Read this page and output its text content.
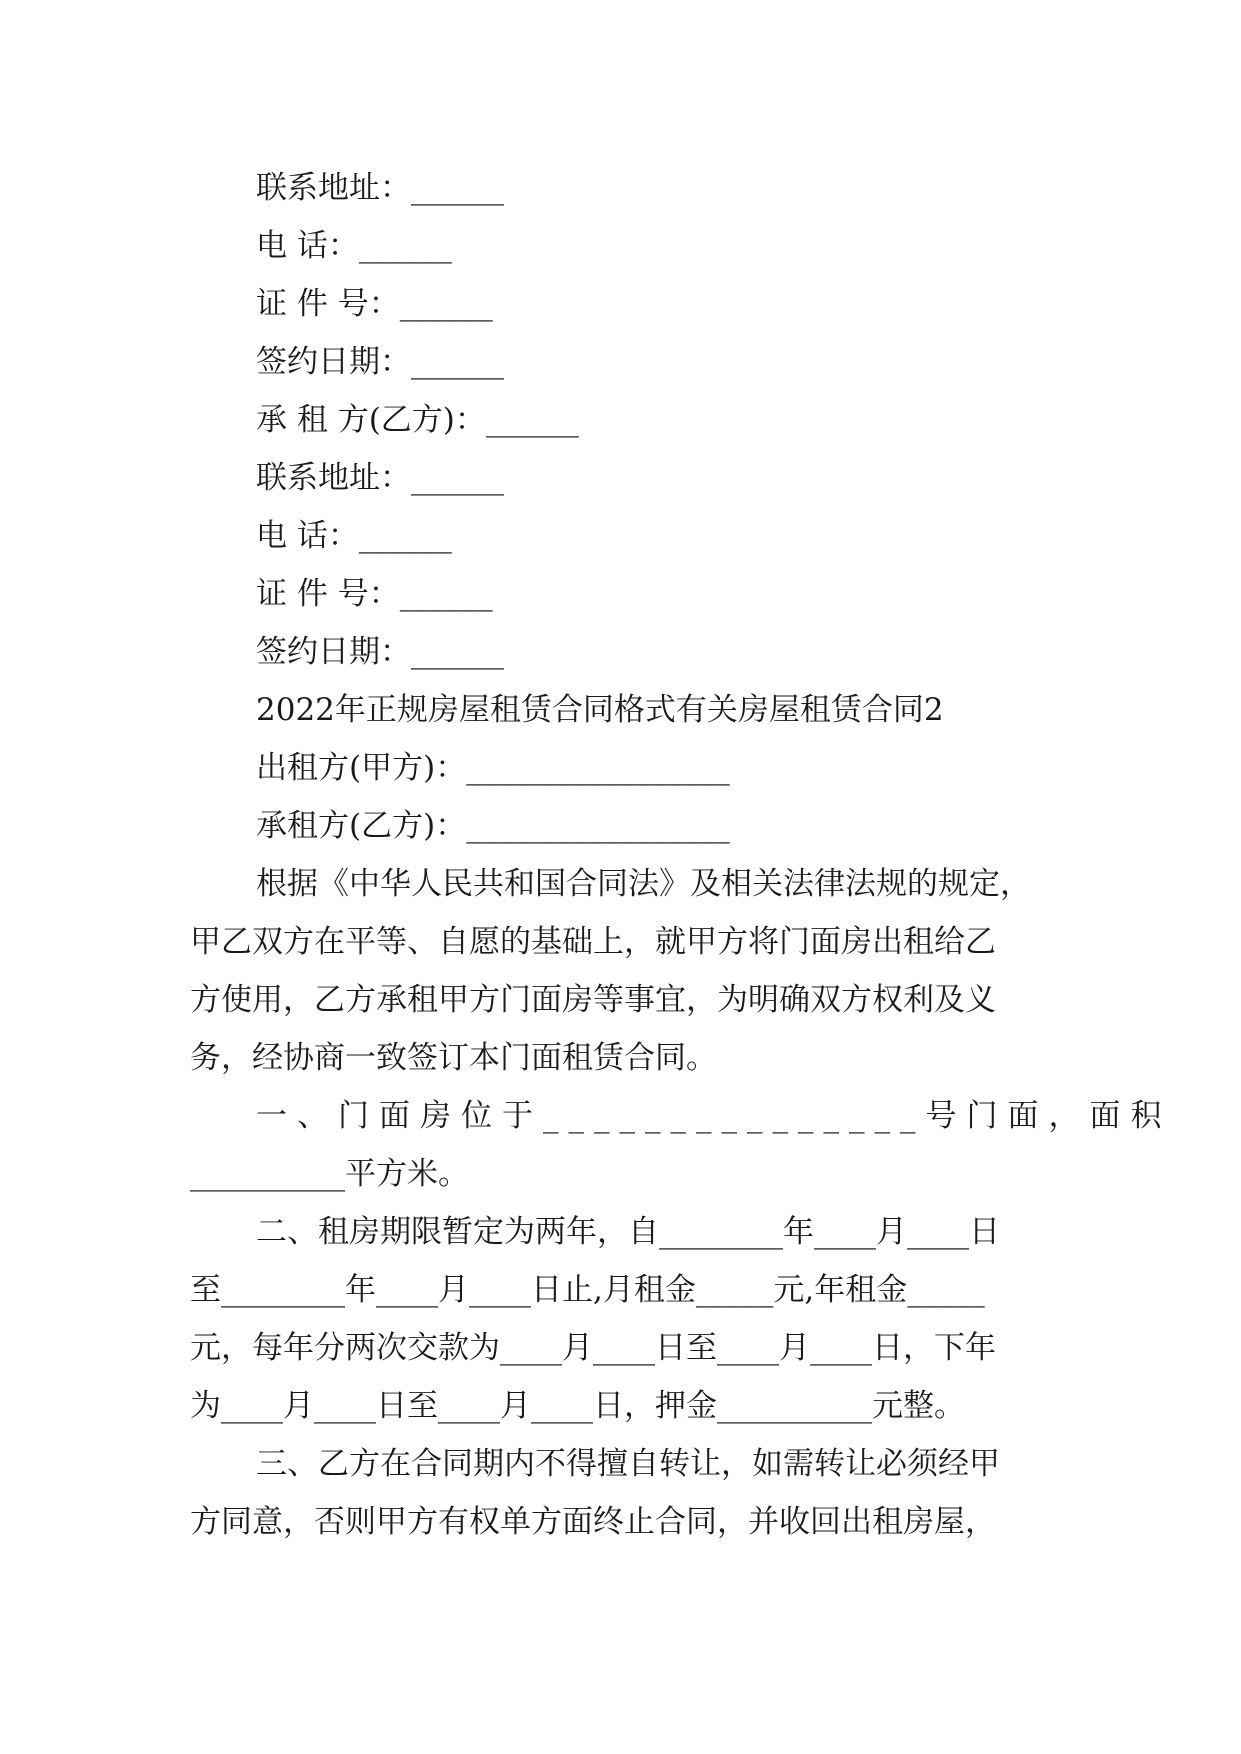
联系地址：______
电 话：______
证 件 号：______
签约日期：______
承 租 方(乙方)：______
联系地址：______
电 话：______
证 件 号：______
签约日期：______
2022年正规房屋租赁合同格式有关房屋租赁合同2
出租方(甲方)：_________________
承租方(乙方)：_________________
根据《中华人民共和国合同法》及相关法律法规的规定，
甲乙双方在平等、自愿的基础上，就甲方将门面房出租给乙
方使用，乙方承租甲方门面房等事宜，为明确双方权利及义
务，经协商一致签订本门面租赁合同。
一、门面房位于_______________号门面，面积
__________平方米。
二、租房期限暂定为两年，自________年____月____日
至________年____月____日止,月租金_____元,年租金_____
元，每年分两次交款为____月____日至____月____日，下年
为____月____日至____月____日，押金__________元整。
三、乙方在合同期内不得擅自转让，如需转让必须经甲
方同意，否则甲方有权单方面终止合同，并收回出租房屋，
